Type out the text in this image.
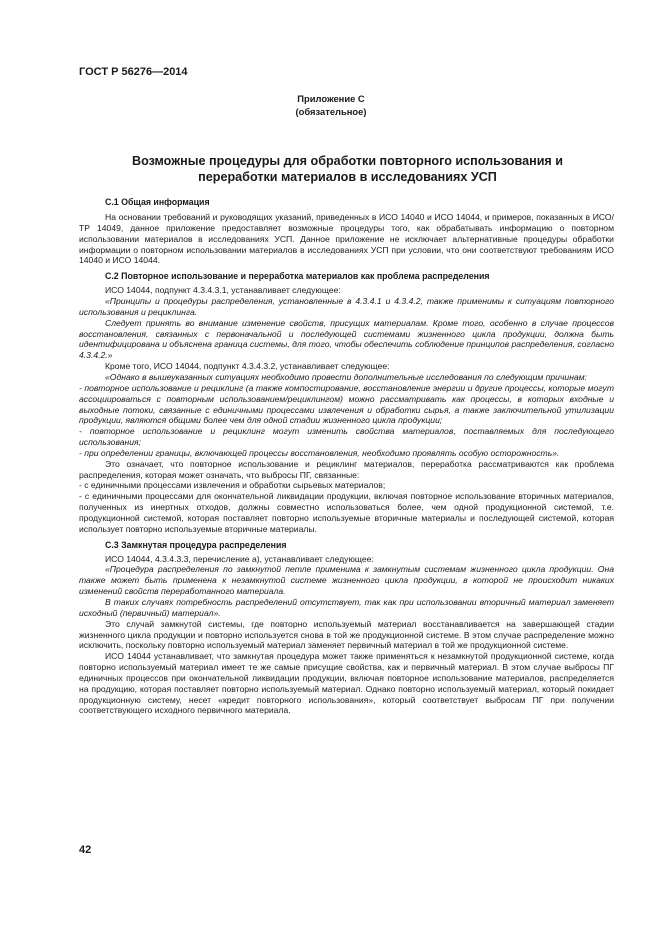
ГОСТ Р 56276—2014
Приложение С
(обязательное)
Возможные процедуры для обработки повторного использования и переработки материалов в исследованиях УСП
С.1 Общая информация

На основании требований и руководящих указаний, приведенных в ИСО 14040 и ИСО 14044, и примеров, показанных в ИСО/ТР 14049, данное приложение предоставляет возможные процедуры того, как обрабатывать информацию о повторном использовании материалов в исследованиях УСП. Данное приложение не исключает альтернативные процедуры обработки информации о повторном использовании материалов в исследованиях УСП при условии, что они соответствуют требованиям ИСО 14040 и ИСО 14044.

С.2 Повторное использование и переработка материалов как проблема распределения

ИСО 14044, подпункт 4.3.4.3.1, устанавливает следующее:

«Принципы и процедуры распределения, установленные в 4.3.4.1 и 4.3.4.2, также применимы к ситуациям повторного использования и рециклинга.

Следует принять во внимание изменение свойств, присущих материалам. Кроме того, особенно в случае процессов восстановления, связанных с первоначальной и последующей системами жизненного цикла продукции, должна быть идентифицирована и объяснена граница системы, для того, чтобы обеспечить соблюдение принципов распределения, согласно 4.3.4.2.»

Кроме того, ИСО 14044, подпункт 4.3.4.3.2, устанавливает следующее:

«Однако в вышеуказанных ситуациях необходимо провести дополнительные исследования по следующим причинам:

- повторное использование и рециклинг (а также компостирование, восстановление энергии и другие процессы, которые могут ассоциироваться с повторным использованием/рециклингом) можно рассматривать как процессы, в которых входные и выходные потоки, связанные с единичными процессами извлечения и обработки сырья, а также заключительной утилизации продукции, являются общими более чем для одной стадии жизненного цикла продукции;

- повторное использование и рециклинг могут изменить свойства материалов, поставляемых для последующего использования;

- при определении границы, включающей процессы восстановления, необходимо проявлять особую осторожность».

Это означает, что повторное использование и рециклинг материалов, переработка рассматриваются как проблема распределения, которая может означать, что выбросы ПГ, связанные:

- с единичными процессами извлечения и обработки сырьевых материалов;

- с единичными процессами для окончательной ликвидации продукции, включая повторное использование вторичных материалов, полученных из инертных отходов, должны совместно использоваться более, чем одной продукционной системой, т.е. продукционной системой, которая поставляет повторно используемые вторичные материалы и последующей системой, которая использует повторно используемые вторичные материалы.

С.3 Замкнутая процедура распределения

ИСО 14044, 4.3.4.3.3, перечисление а), устанавливает следующее:

«Процедура распределения по замкнутой петле применима к замкнутым системам жизненного цикла продукции. Она также может быть применена к незамкнутой системе жизненного цикла продукции, в которой не происходит никаких изменений свойств переработанного материала.

В таких случаях потребность распределений отсутствует, так как при использовании вторичный материал заменяет исходный (первичный) материал».

Это случай замкнутой системы, где повторно используемый материал восстанавливается на завершающей стадии жизненного цикла продукции и повторно используется снова в той же продукционной системе. В этом случае распределение можно исключить, поскольку повторно используемый материал заменяет первичный материал в той же продукционной системе.

ИСО 14044 устанавливает, что замкнутая процедура может также применяться к незамкнутой продукционной системе, когда повторно используемый материал имеет те же самые присущие свойства, как и первичный материал. В этом случае выбросы ПГ единичных процессов при окончательной ликвидации продукции, включая повторное использование материалов, распределяется на продукцию, которая поставляет повторно используемый материал. Однако повторно используемый материал, который покидает продукционную систему, несет «кредит повторного использования», который соответствует выбросам ПГ при получении соответствующего исходного первичного материала.

42
